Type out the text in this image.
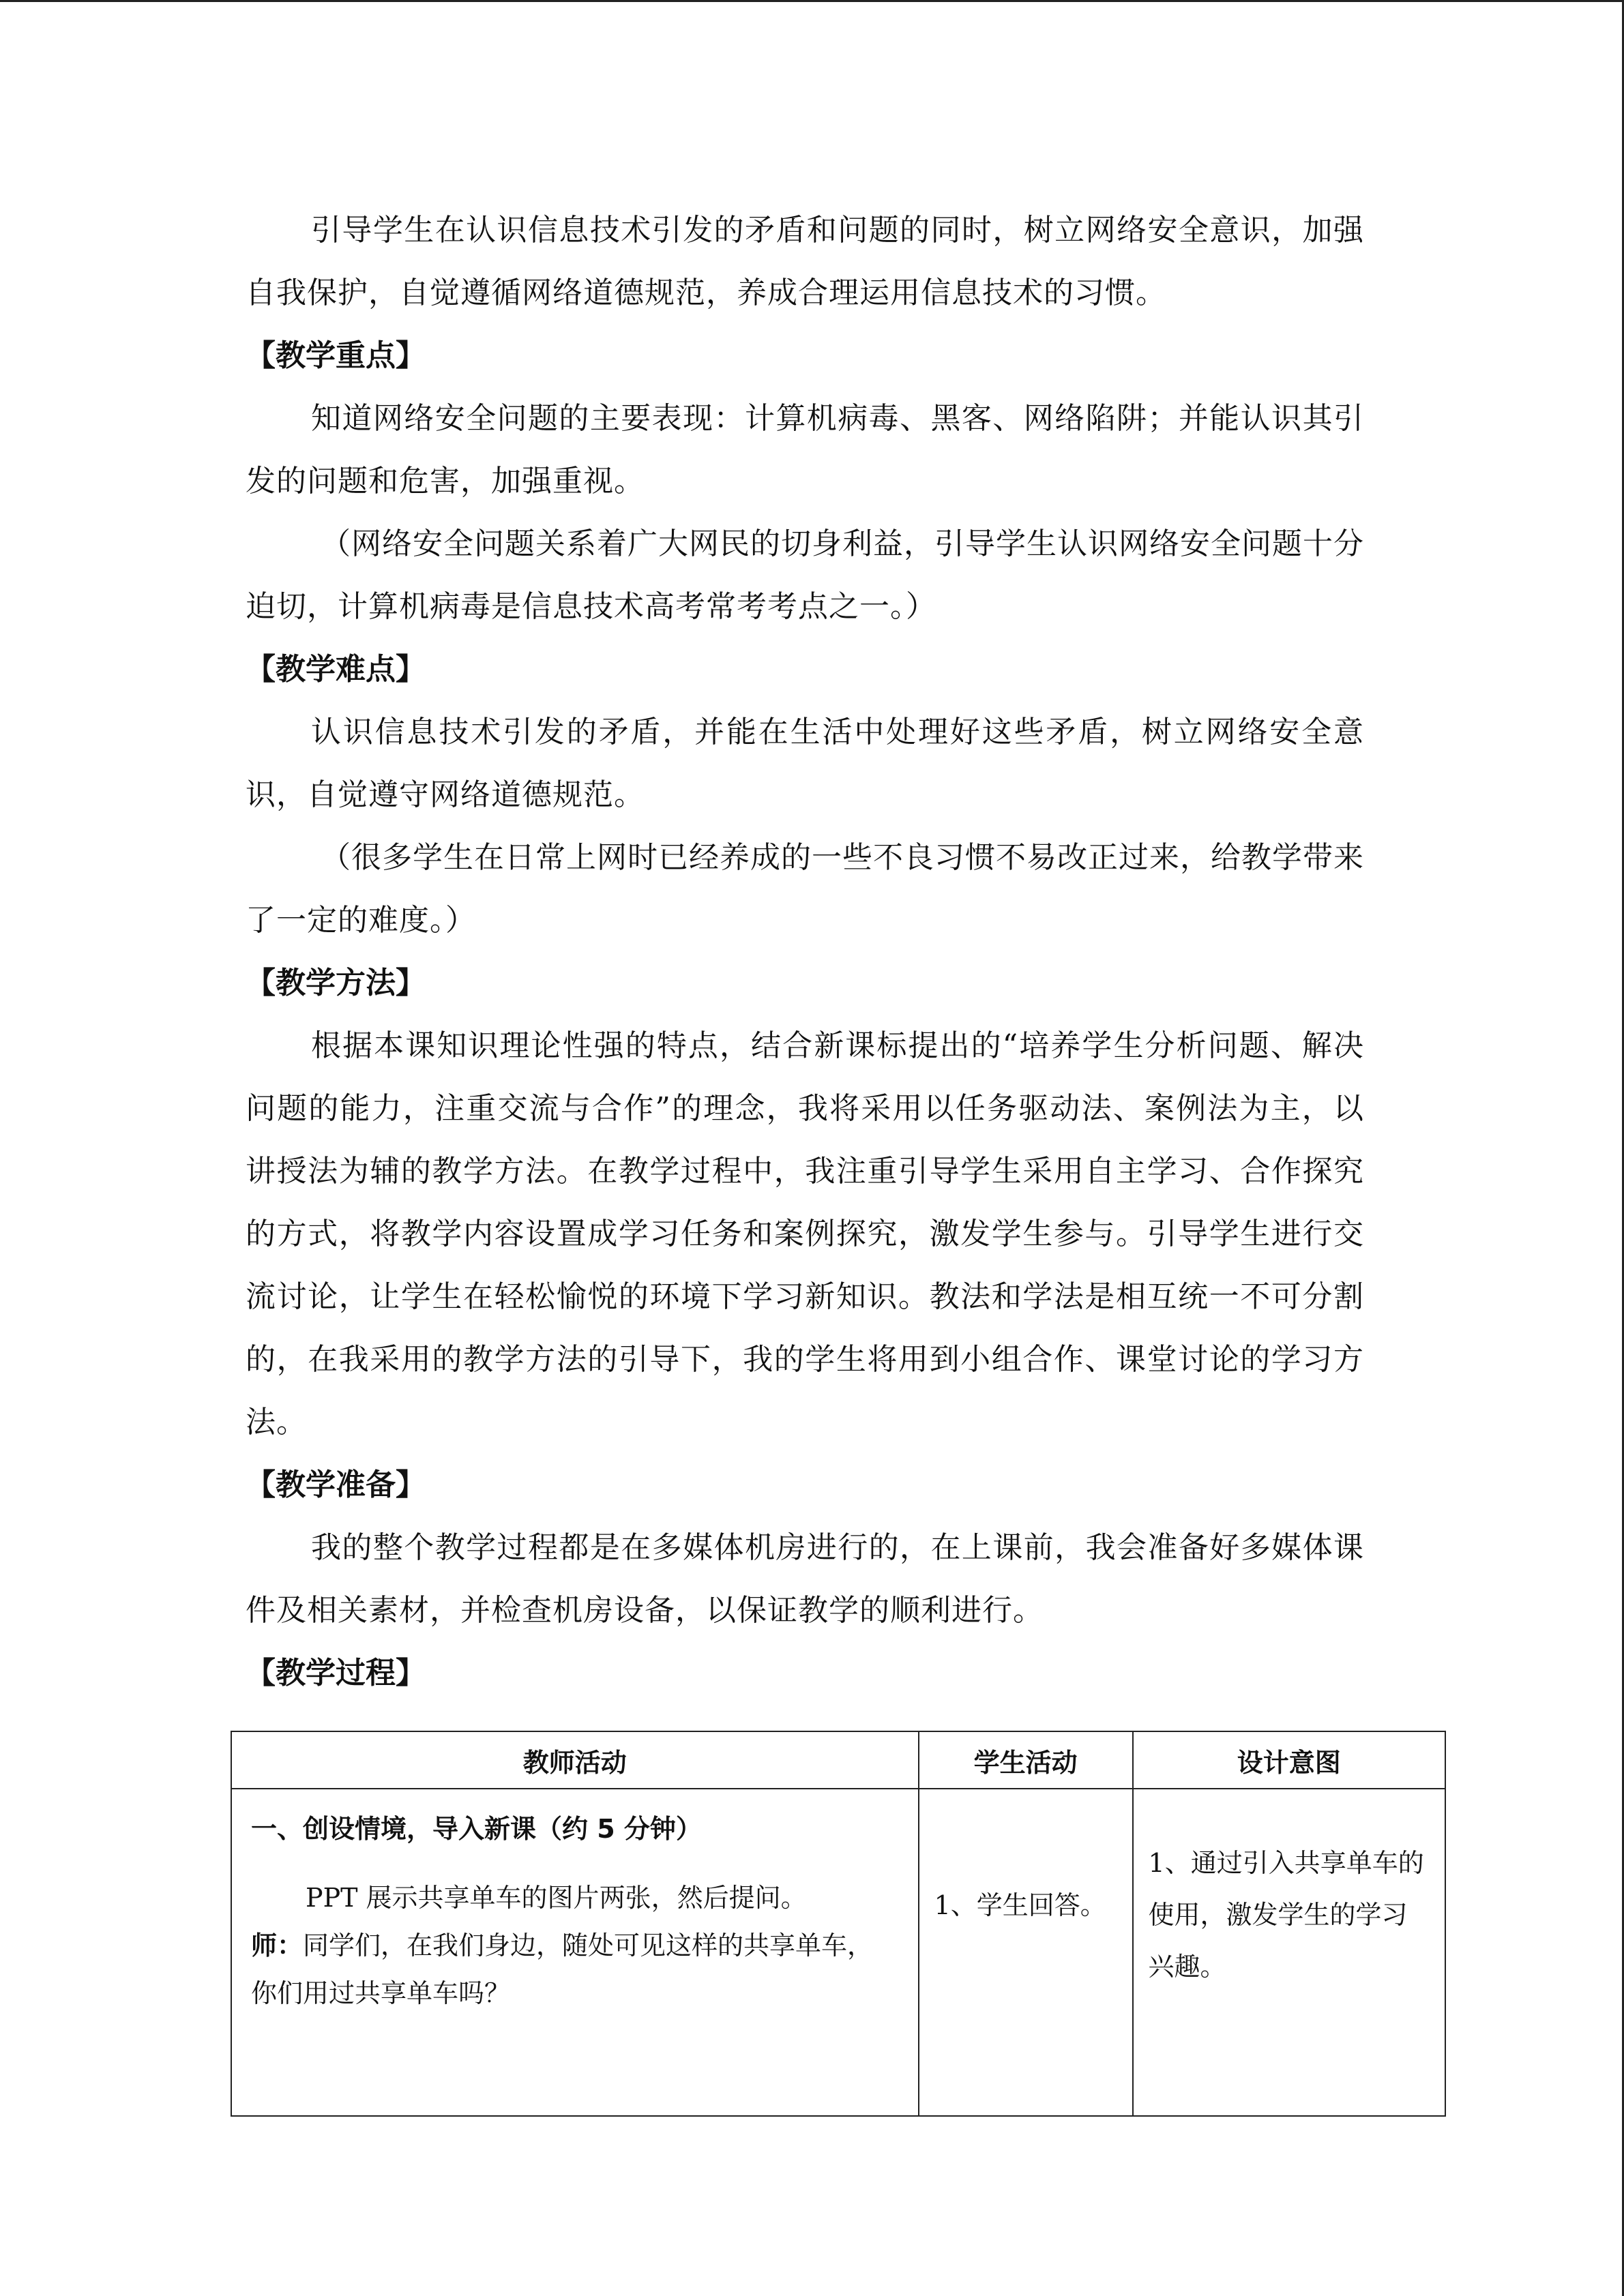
引导学生在认识信息技术引发的矛盾和问题的同时，树立网络安全意识，加强自我保护，自觉遵循网络道德规范，养成合理运用信息技术的习惯。

【教学重点】

知道网络安全问题的主要表现：计算机病毒、黑客、网络陷阱；并能认识其引发的问题和危害，加强重视。

（网络安全问题关系着广大网民的切身利益，引导学生认识网络安全问题十分迫切，计算机病毒是信息技术高考常考考点之一。）

【教学难点】

认识信息技术引发的矛盾，并能在生活中处理好这些矛盾，树立网络安全意识，自觉遵守网络道德规范。

（很多学生在日常上网时已经养成的一些不良习惯不易改正过来，给教学带来了一定的难度。）

【教学方法】

根据本课知识理论性强的特点，结合新课标提出的“培养学生分析问题、解决问题的能力，注重交流与合作”的理念，我将采用以任务驱动法、案例法为主，以讲授法为辅的教学方法。在教学过程中，我注重引导学生采用自主学习、合作探究的方式，将教学内容设置成学习任务和案例探究，激发学生参与。引导学生进行交流讨论，让学生在轻松愉悦的环境下学习新知识。教法和学法是相互统一不可分割的，在我采用的教学方法的引导下，我的学生将用到小组合作、课堂讨论的学习方法。

【教学准备】

我的整个教学过程都是在多媒体机房进行的，在上课前，我会准备好多媒体课件及相关素材，并检查机房设备，以保证教学的顺利进行。

【教学过程】

教师活动	学生活动	设计意图

一、创设情境，导入新课（约 5 分钟）

PPT 展示共享单车的图片两张，然后提问。

师：同学们，在我们身边，随处可见这样的共享单车，你们用过共享单车吗？	1、学生回答。	1、通过引入共享单车的使用，激发学生的学习兴趣。
